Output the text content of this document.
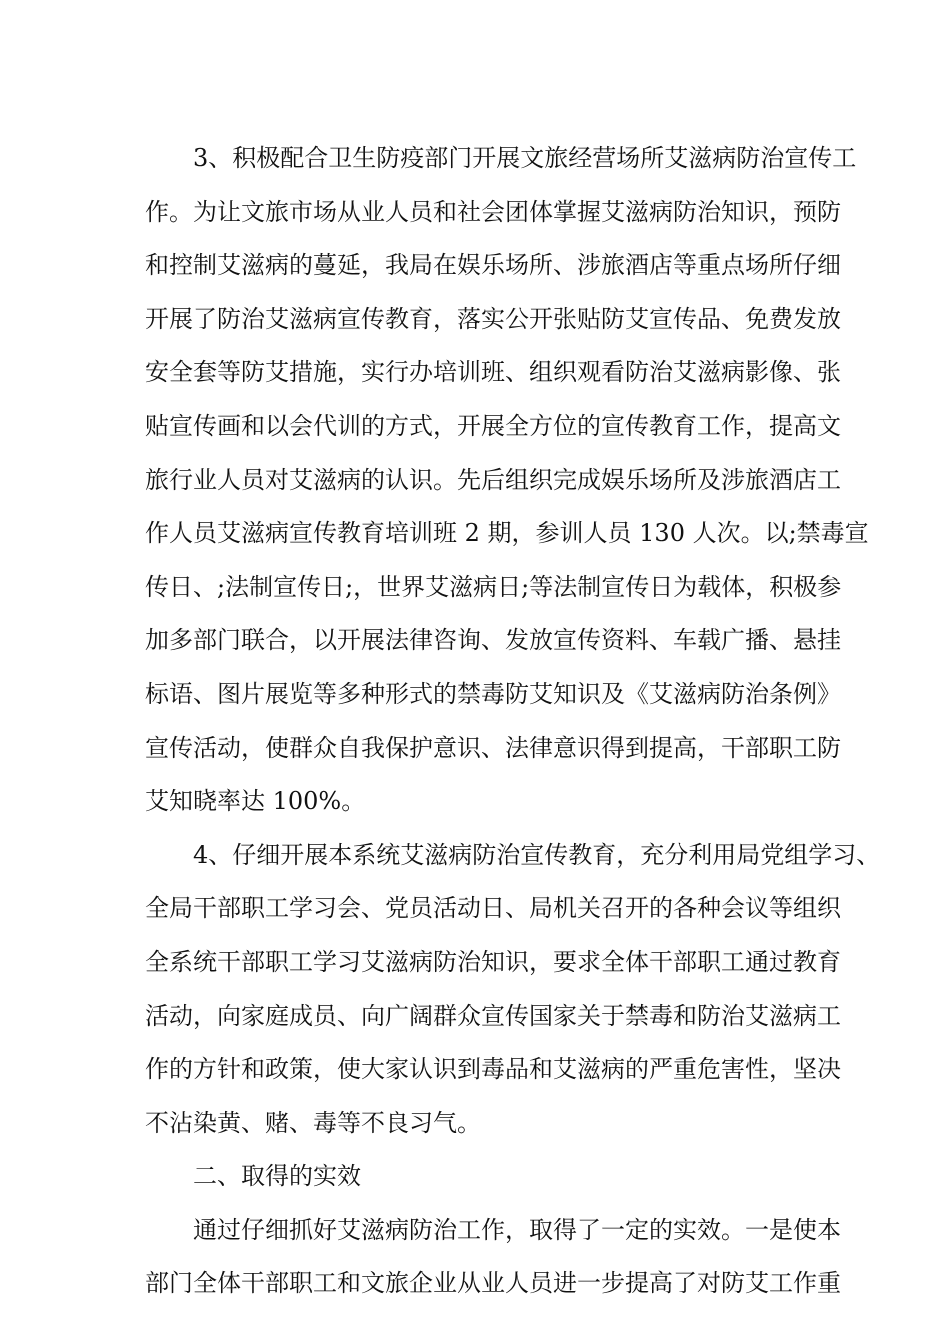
3、积极配合卫生防疫部门开展文旅经营场所艾滋病防治宣传工
作。为让文旅市场从业人员和社会团体掌握艾滋病防治知识，预防
和控制艾滋病的蔓延，我局在娱乐场所、涉旅酒店等重点场所仔细
开展了防治艾滋病宣传教育，落实公开张贴防艾宣传品、免费发放
安全套等防艾措施，实行办培训班、组织观看防治艾滋病影像、张
贴宣传画和以会代训的方式，开展全方位的宣传教育工作，提高文
旅行业人员对艾滋病的认识。先后组织完成娱乐场所及涉旅酒店工
作人员艾滋病宣传教育培训班 2 期，参训人员 130 人次。以;禁毒宣
传日、;法制宣传日;，世界艾滋病日;等法制宣传日为载体，积极参
加多部门联合，以开展法律咨询、发放宣传资料、车载广播、悬挂
标语、图片展览等多种形式的禁毒防艾知识及《艾滋病防治条例》
宣传活动，使群众自我保护意识、法律意识得到提高，干部职工防
艾知晓率达 100%。
4、仔细开展本系统艾滋病防治宣传教育，充分利用局党组学习、
全局干部职工学习会、党员活动日、局机关召开的各种会议等组织
全系统干部职工学习艾滋病防治知识，要求全体干部职工通过教育
活动，向家庭成员、向广阔群众宣传国家关于禁毒和防治艾滋病工
作的方针和政策，使大家认识到毒品和艾滋病的严重危害性，坚决
不沾染黄、赌、毒等不良习气。
二、取得的实效
通过仔细抓好艾滋病防治工作，取得了一定的实效。一是使本
部门全体干部职工和文旅企业从业人员进一步提高了对防艾工作重
